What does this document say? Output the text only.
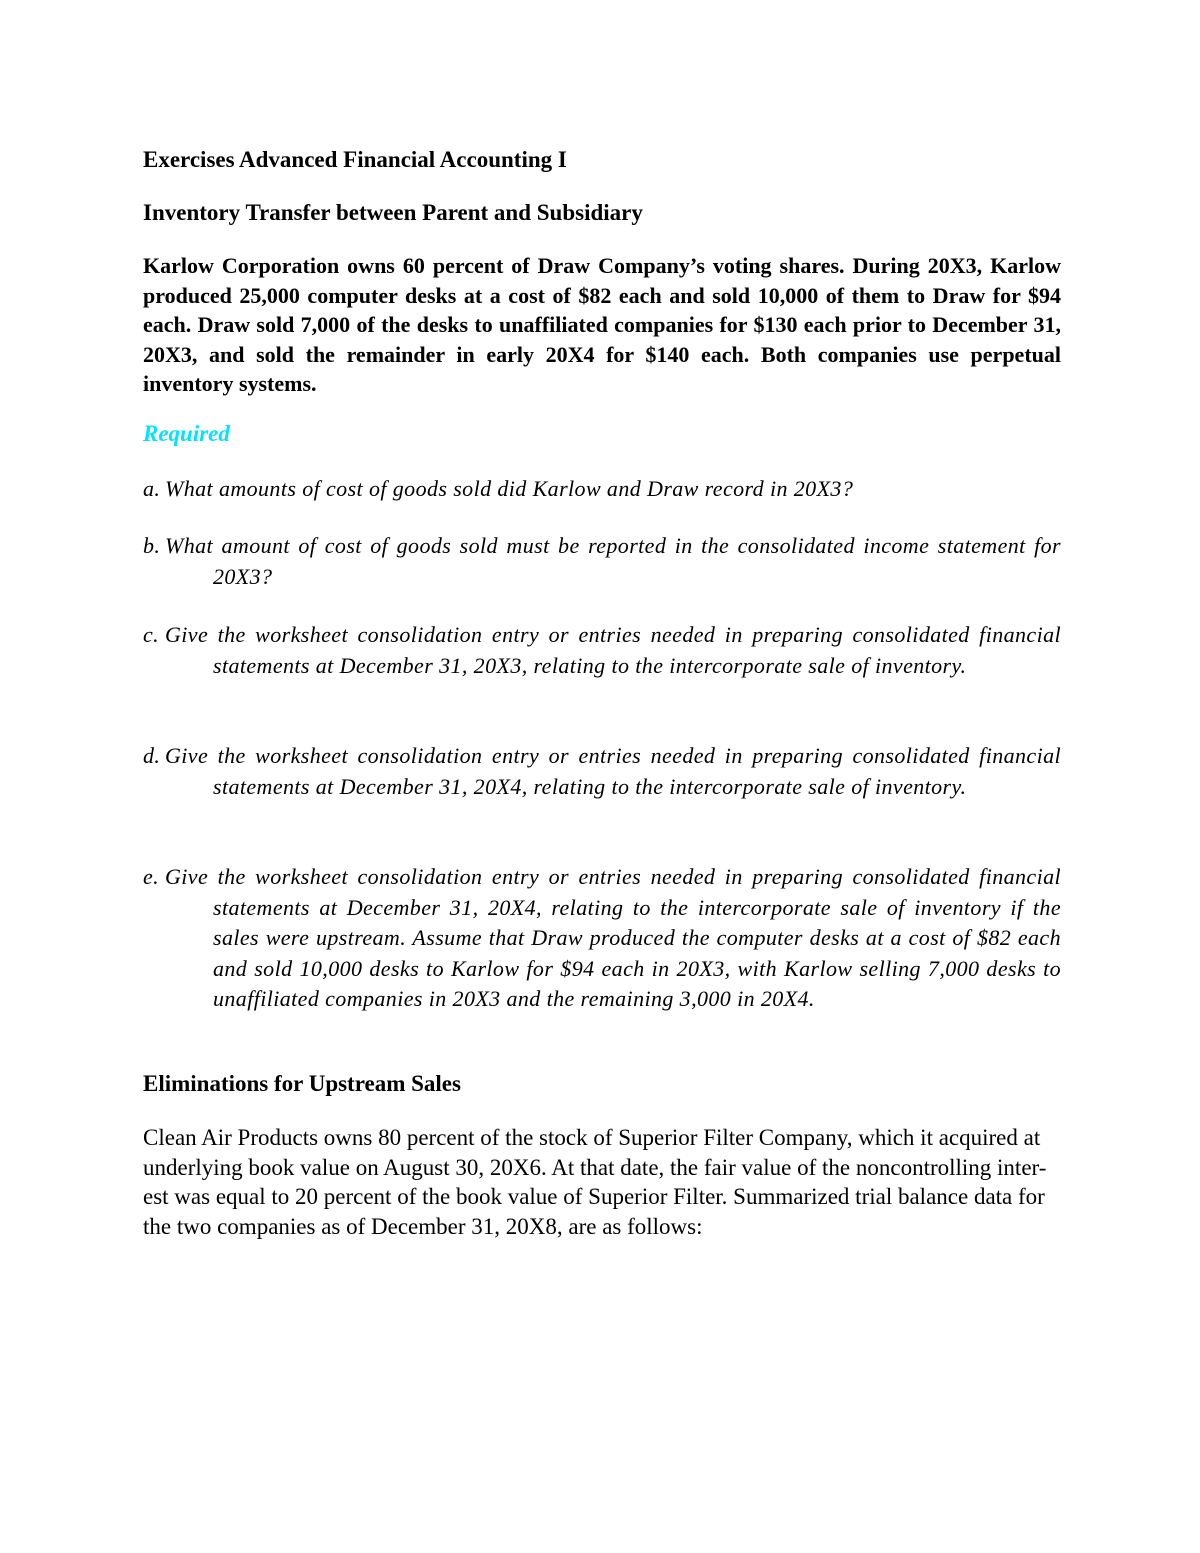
Exercises Advanced Financial Accounting I
Inventory Transfer between Parent and Subsidiary

Karlow Corporation owns 60 percent of Draw Company’s voting shares. During 20X3, Karlow produced 25,000 computer desks at a cost of $82 each and sold 10,000 of them to Draw for $94 each. Draw sold 7,000 of the desks to unaffiliated companies for $130 each prior to December 31, 20X3, and sold the remainder in early 20X4 for $140 each. Both companies use perpetual inventory systems.

Required
a. What amounts of cost of goods sold did Karlow and Draw record in 20X3?
b. What amount of cost of goods sold must be reported in the consolidated income statement for 20X3?
c. Give the worksheet consolidation entry or entries needed in preparing consolidated financial statements at December 31, 20X3, relating to the intercorporate sale of inventory.
d. Give the worksheet consolidation entry or entries needed in preparing consolidated financial statements at December 31, 20X4, relating to the intercorporate sale of inventory.
e. Give the worksheet consolidation entry or entries needed in preparing consolidated financial statements at December 31, 20X4, relating to the intercorporate sale of inventory if the sales were upstream. Assume that Draw produced the computer desks at a cost of $82 each and sold 10,000 desks to Karlow for $94 each in 20X3, with Karlow selling 7,000 desks to unaffiliated companies in 20X3 and the remaining 3,000 in 20X4.
Eliminations for Upstream Sales

Clean Air Products owns 80 percent of the stock of Superior Filter Company, which it acquired at underlying book value on August 30, 20X6. At that date, the fair value of the noncontrolling inter- est was equal to 20 percent of the book value of Superior Filter. Summarized trial balance data for the two companies as of December 31, 20X8, are as follows:
